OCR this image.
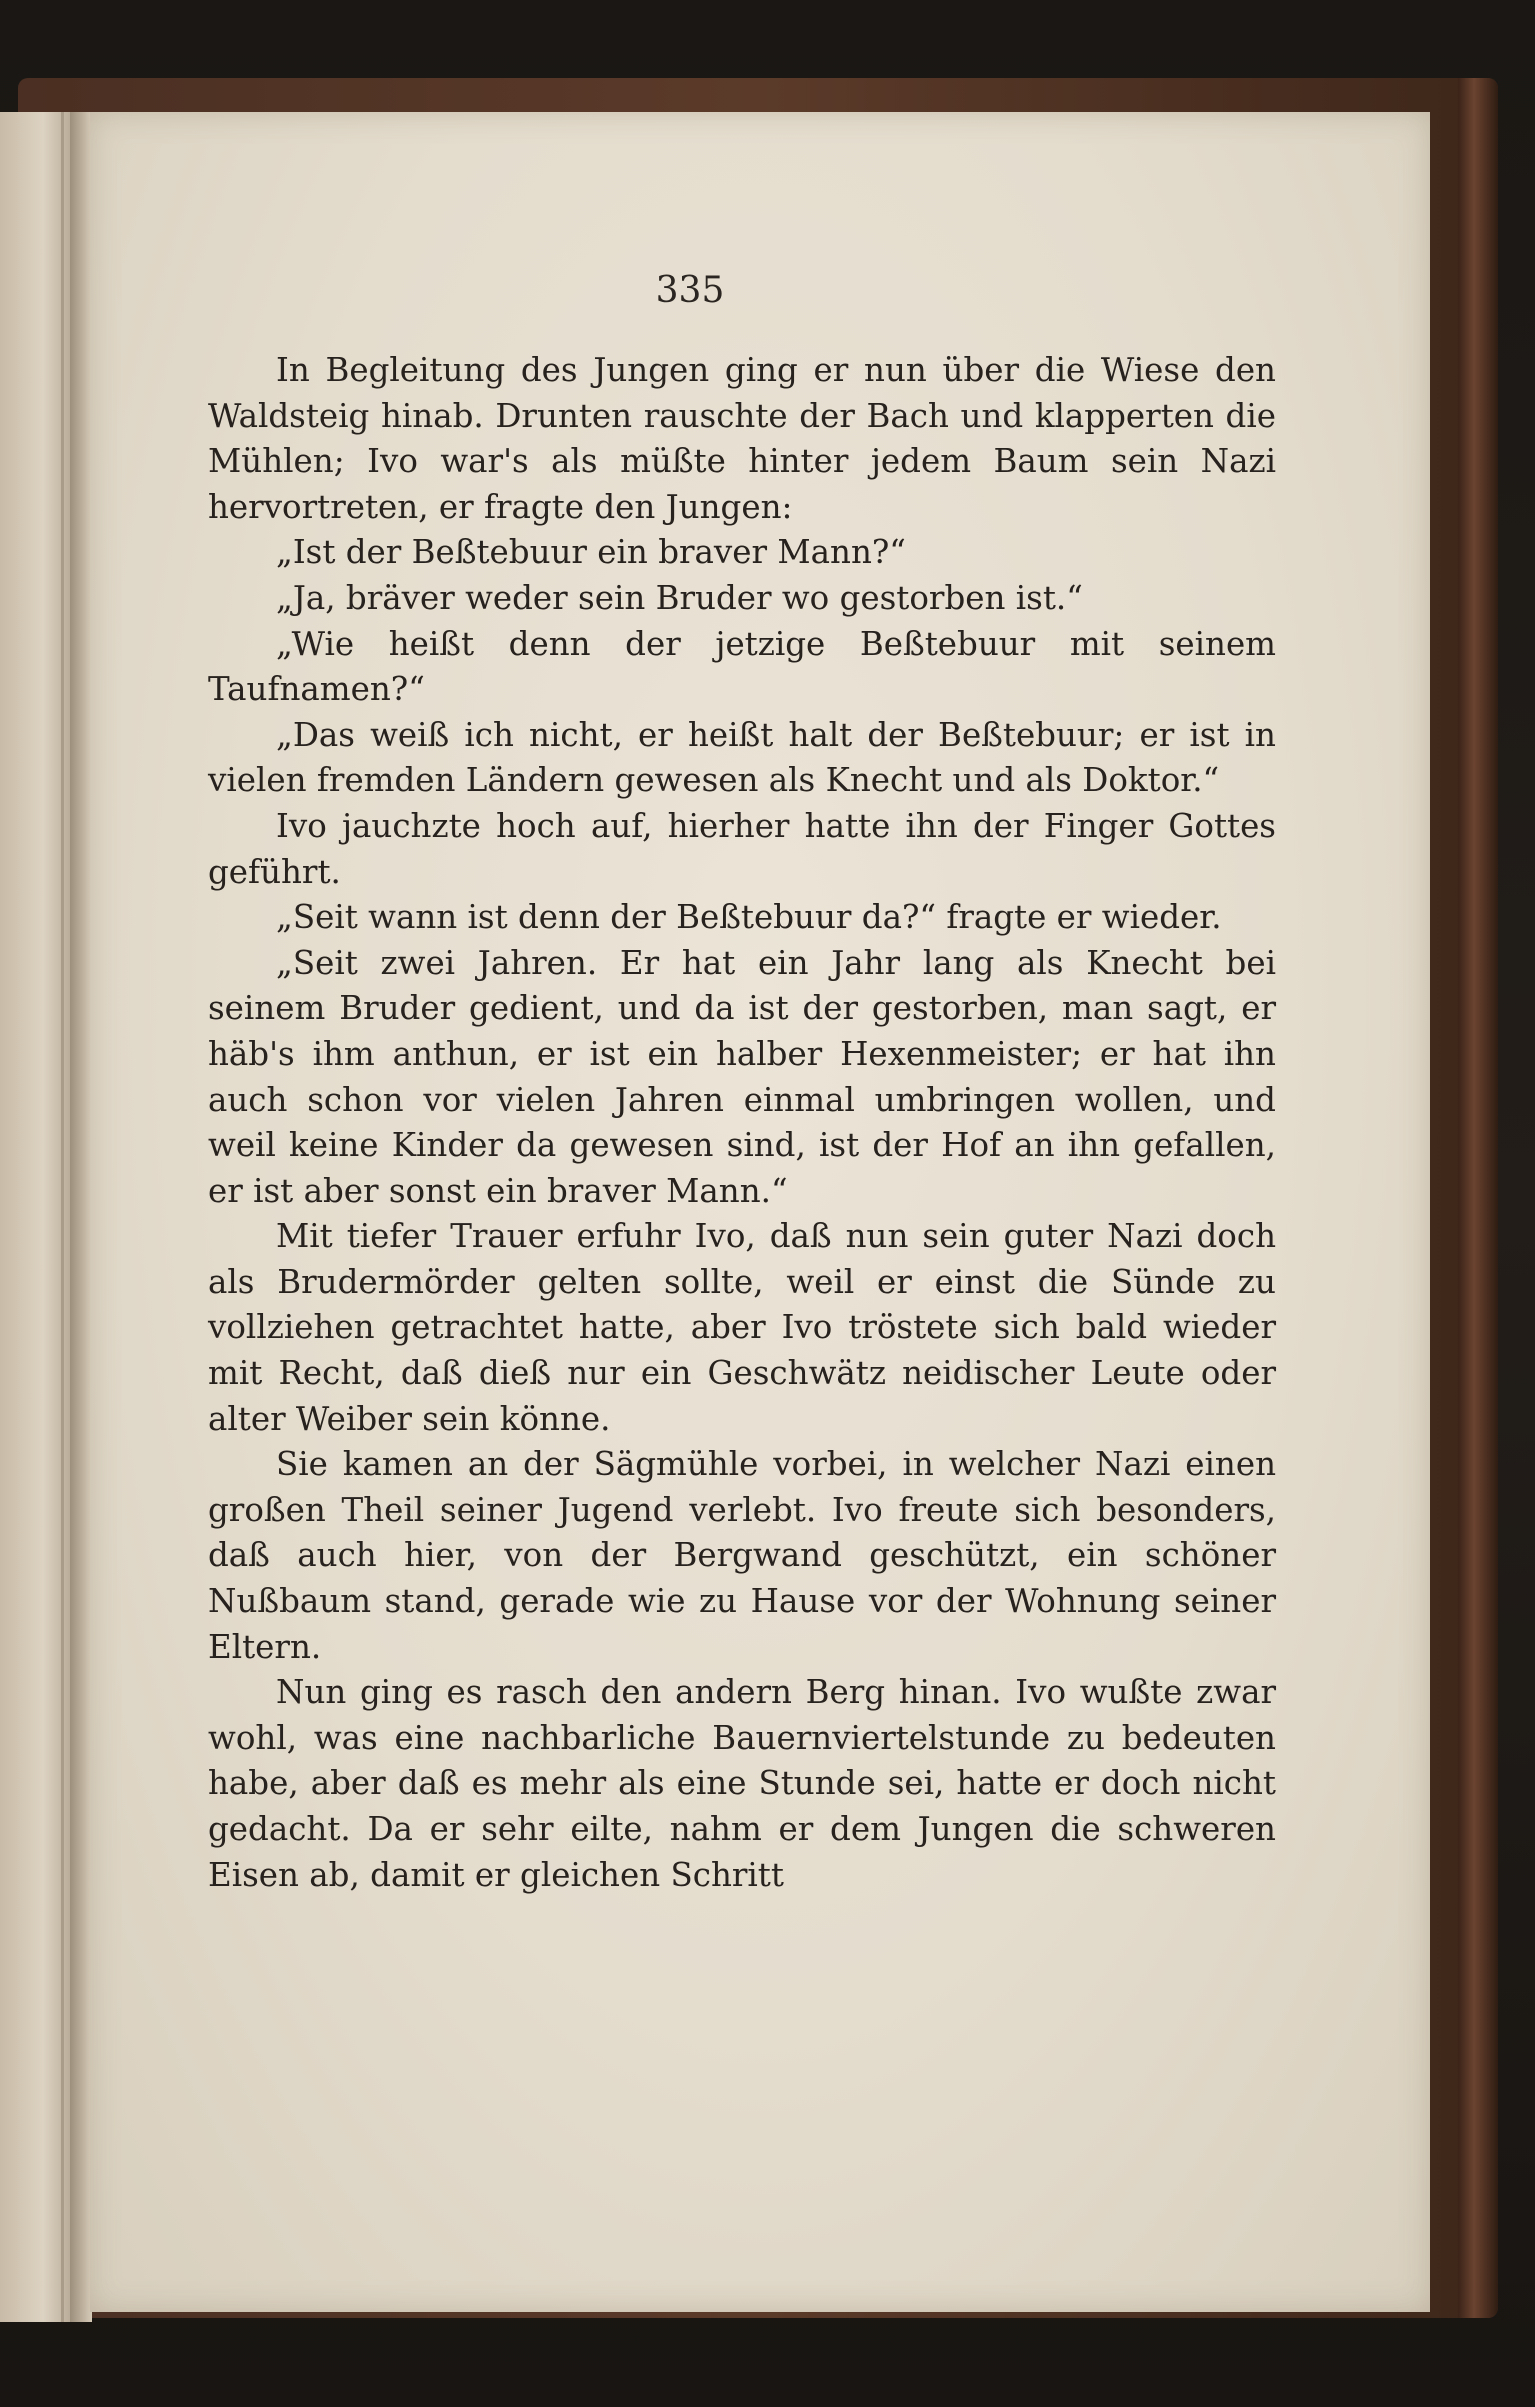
335

In Begleitung des Jungen ging er nun über die Wiese den Waldsteig hinab. Drunten rauschte der Bach und klapperten die Mühlen; Ivo war's als müßte hinter jedem Baum sein Nazi hervortreten, er fragte den Jungen:

„Ist der Beßtebuur ein braver Mann?“

„Ja, bräver weder sein Bruder wo gestorben ist.“

„Wie heißt denn der jetzige Beßtebuur mit seinem Taufnamen?“

„Das weiß ich nicht, er heißt halt der Beßtebuur; er ist in vielen fremden Ländern gewesen als Knecht und als Doktor.“

Ivo jauchzte hoch auf, hierher hatte ihn der Finger Gottes geführt.

„Seit wann ist denn der Beßtebuur da?“ fragte er wieder.

„Seit zwei Jahren. Er hat ein Jahr lang als Knecht bei seinem Bruder gedient, und da ist der gestorben, man sagt, er häb's ihm anthun, er ist ein halber Hexenmeister; er hat ihn auch schon vor vielen Jahren einmal umbringen wollen, und weil keine Kinder da gewesen sind, ist der Hof an ihn gefallen, er ist aber sonst ein braver Mann.“

Mit tiefer Trauer erfuhr Ivo, daß nun sein guter Nazi doch als Brudermörder gelten sollte, weil er einst die Sünde zu vollziehen getrachtet hatte, aber Ivo tröstete sich bald wieder mit Recht, daß dieß nur ein Geschwätz neidischer Leute oder alter Weiber sein könne.

Sie kamen an der Sägmühle vorbei, in welcher Nazi einen großen Theil seiner Jugend verlebt. Ivo freute sich besonders, daß auch hier, von der Bergwand geschützt, ein schöner Nußbaum stand, gerade wie zu Hause vor der Wohnung seiner Eltern.

Nun ging es rasch den andern Berg hinan. Ivo wußte zwar wohl, was eine nachbarliche Bauernviertelstunde zu bedeuten habe, aber daß es mehr als eine Stunde sei, hatte er doch nicht gedacht. Da er sehr eilte, nahm er dem Jungen die schweren Eisen ab, damit er gleichen Schritt
